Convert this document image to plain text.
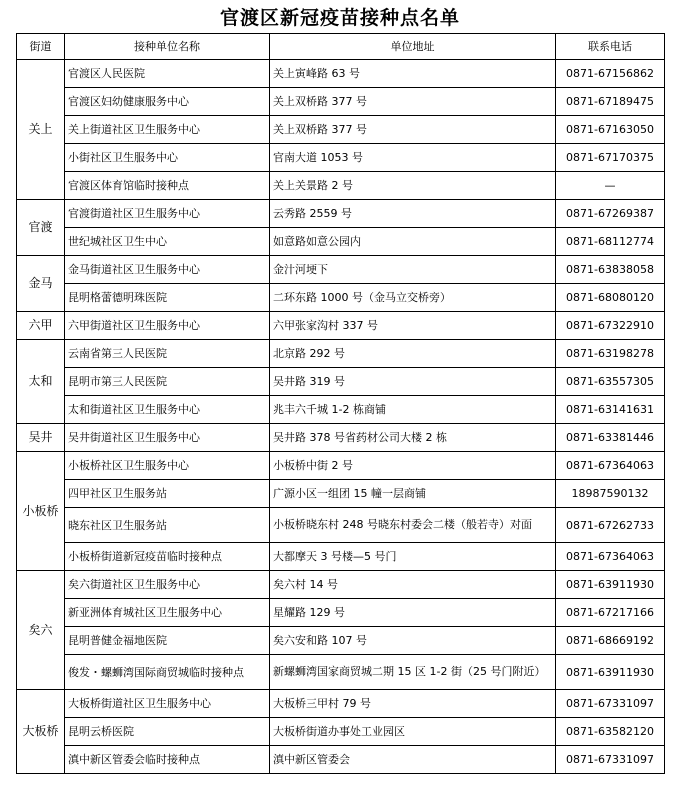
官渡区新冠疫苗接种点名单
街道	接种单位名称	单位地址	联系电话
关上	官渡区人民医院	关上寅峰路 63 号	0871-67156862
	官渡区妇幼健康服务中心	关上双桥路 377 号	0871-67189475
	关上街道社区卫生服务中心	关上双桥路 377 号	0871-67163050
	小街社区卫生服务中心	官南大道 1053 号	0871-67170375
	官渡区体育馆临时接种点	关上关景路 2 号	—
官渡	官渡街道社区卫生服务中心	云秀路 2559 号	0871-67269387
	世纪城社区卫生中心	如意路如意公园内	0871-68112774
金马	金马街道社区卫生服务中心	金汁河埂下	0871-63838058
	昆明格蕾德明珠医院	二环东路 1000 号（金马立交桥旁）	0871-68080120
六甲	六甲街道社区卫生服务中心	六甲张家沟村 337 号	0871-67322910
太和	云南省第三人民医院	北京路 292 号	0871-63198278
	昆明市第三人民医院	吴井路 319 号	0871-63557305
	太和街道社区卫生服务中心	兆丰六千城 1-2 栋商铺	0871-63141631
吴井	吴井街道社区卫生服务中心	吴井路 378 号省药材公司大楼 2 栋	0871-63381446
小板桥	小板桥社区卫生服务中心	小板桥中街 2 号	0871-67364063
	四甲社区卫生服务站	广源小区一组团 15 幢一层商铺	18987590132
	晓东社区卫生服务站	小板桥晓东村 248 号晓东村委会二楼（般若寺）对面	0871-67262733
	小板桥街道新冠疫苗临时接种点	大都摩天 3 号楼—5 号门	0871-67364063
矣六	矣六街道社区卫生服务中心	矣六村 14 号	0871-63911930
	新亚洲体育城社区卫生服务中心	星耀路 129 号	0871-67217166
	昆明普健金福地医院	矣六安和路 107 号	0871-68669192
	俊发・螺蛳湾国际商贸城临时接种点	新螺蛳湾国家商贸城二期 15 区 1-2 街（25 号门附近）	0871-63911930
大板桥	大板桥街道社区卫生服务中心	大板桥三甲村 79 号	0871-67331097
	昆明云桥医院	大板桥街道办事处工业园区	0871-63582120
	滇中新区管委会临时接种点	滇中新区管委会	0871-67331097
